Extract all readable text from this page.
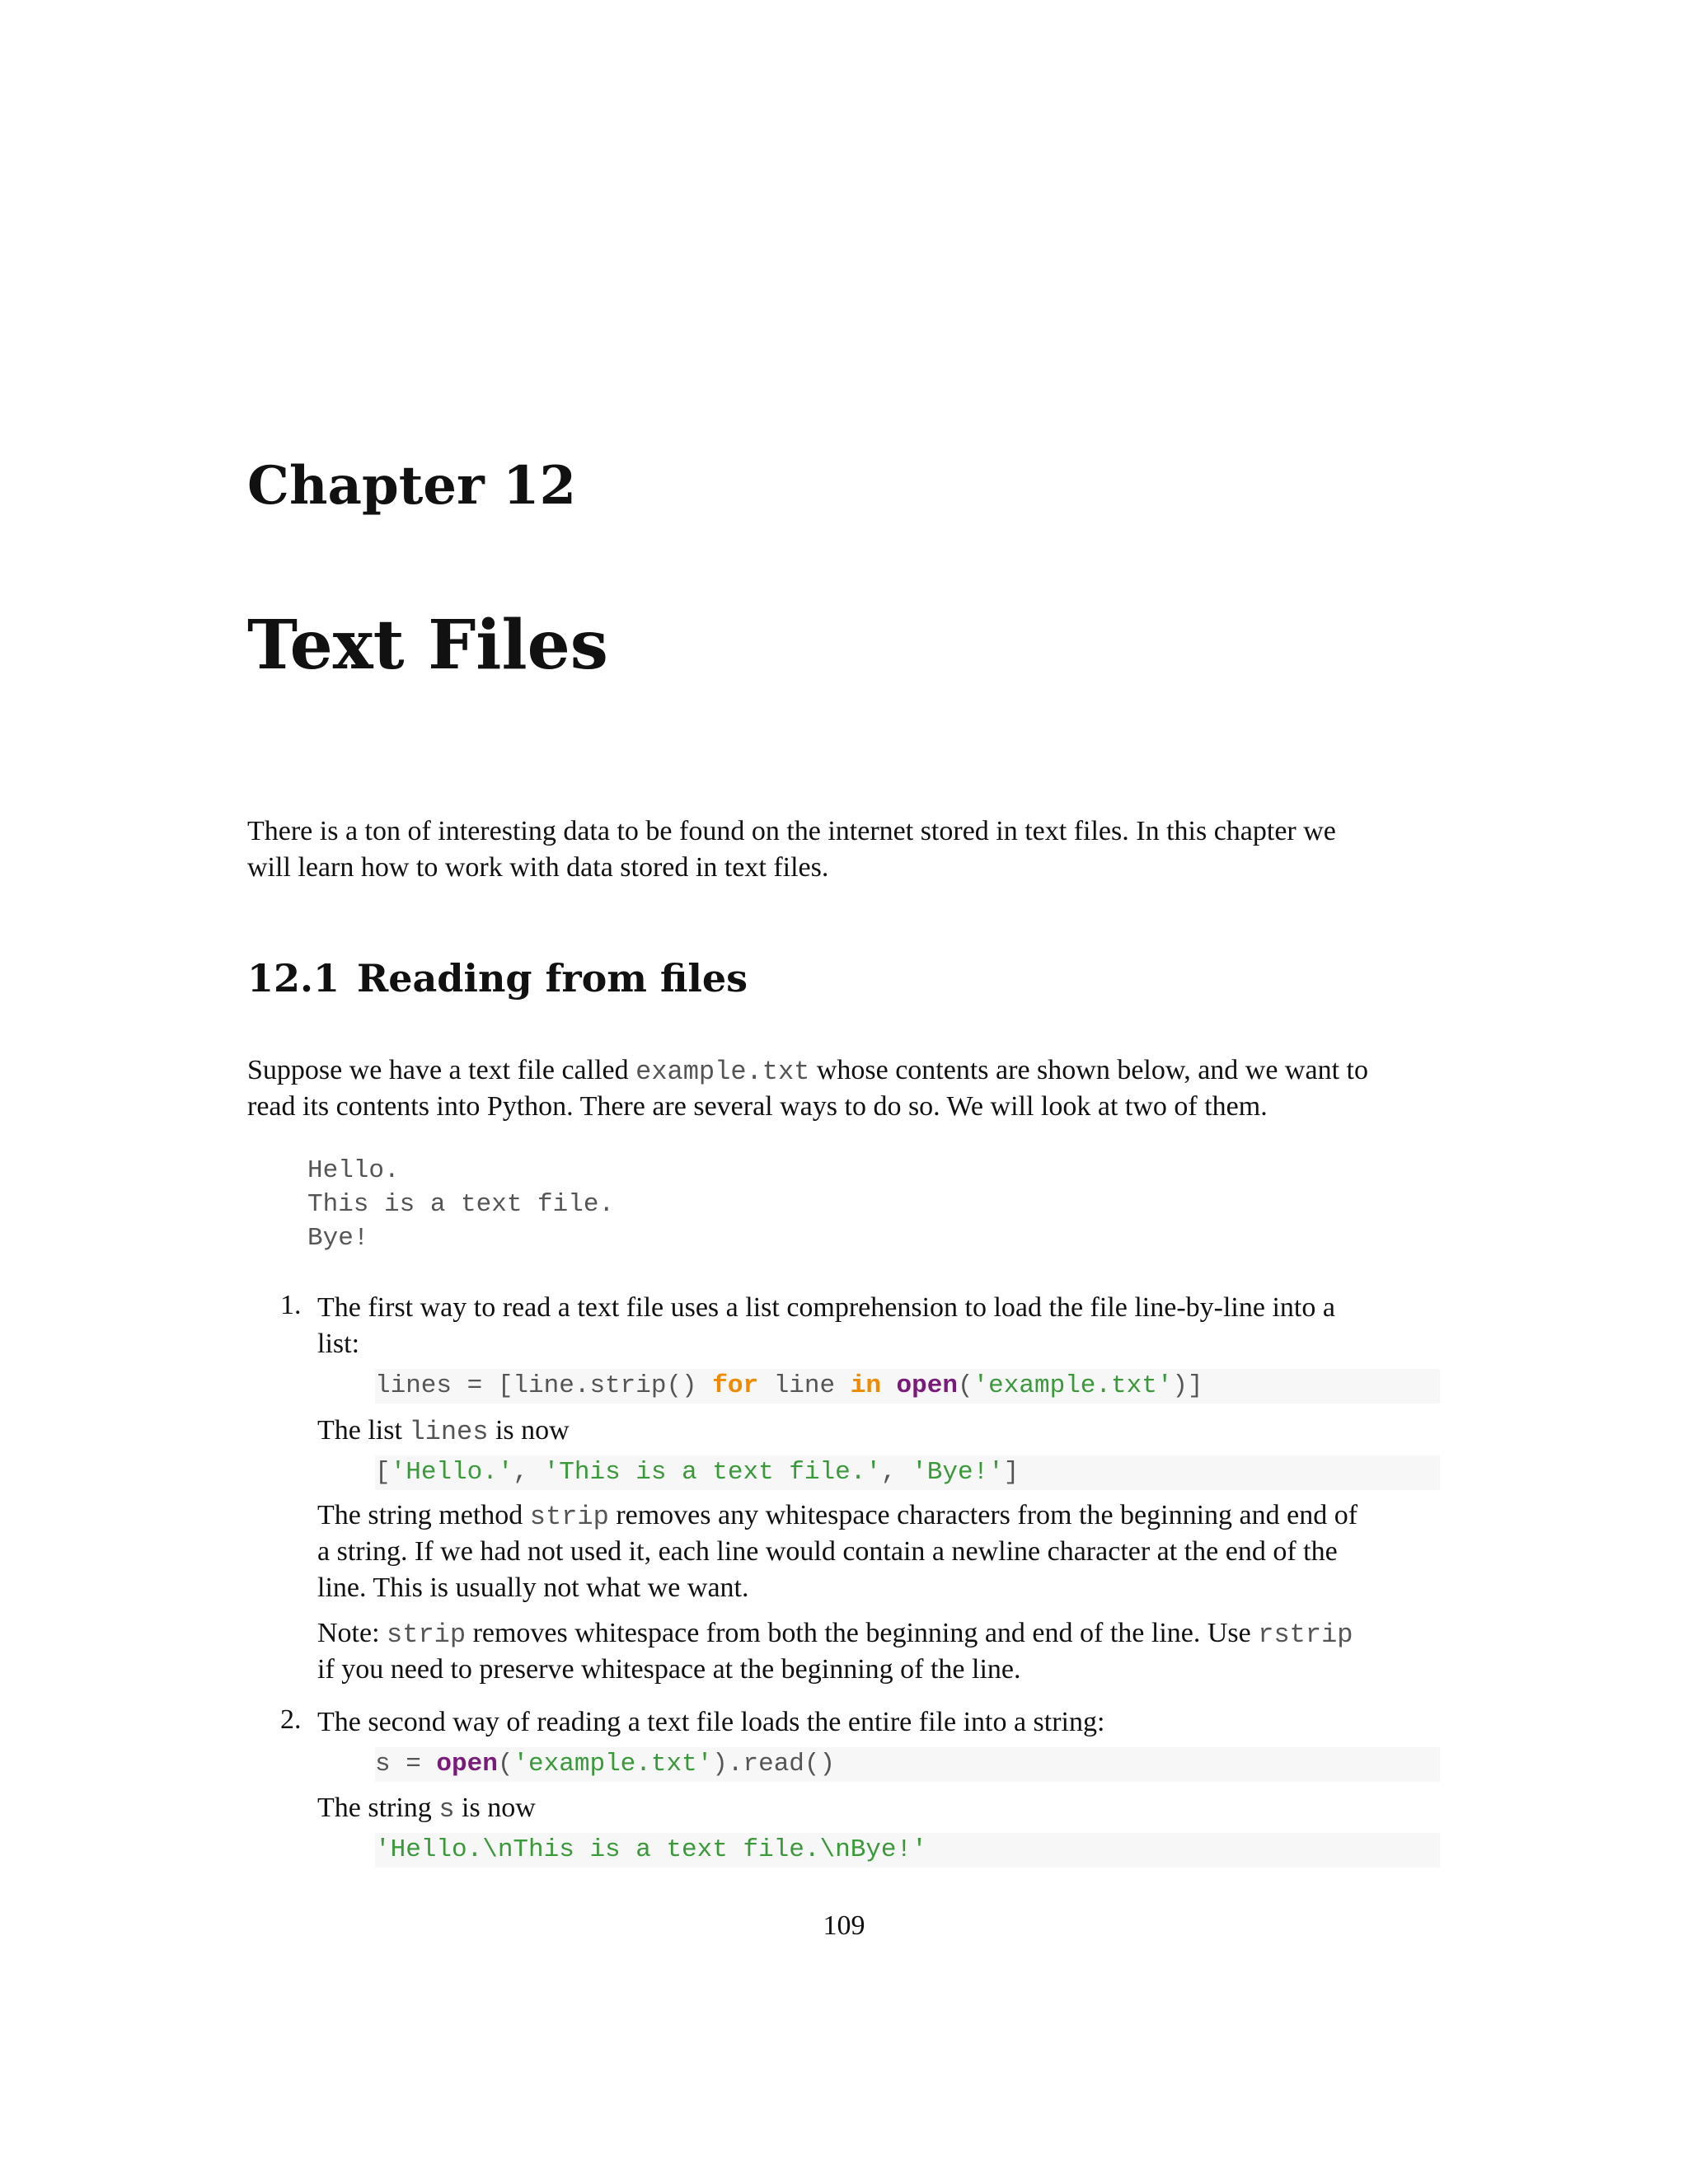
Chapter 12
Text Files
There is a ton of interesting data to be found on the internet stored in text files. In this chapter we
will learn how to work with data stored in text files.
12.1 Reading from files
Suppose we have a text file called example.txt whose contents are shown below, and we want to
read its contents into Python. There are several ways to do so. We will look at two of them.
Hello.
This is a text file.
Bye!
1. The first way to read a text file uses a list comprehension to load the file line-by-line into a
list:

lines = [line.strip() for line in open('example.txt')]

The list lines is now

['Hello.', 'This is a text file.', 'Bye!']

The string method strip removes any whitespace characters from the beginning and end of
a string. If we had not used it, each line would contain a newline character at the end of the
line. This is usually not what we want.
Note: strip removes whitespace from both the beginning and end of the line. Use rstrip
if you need to preserve whitespace at the beginning of the line.
2. The second way of reading a text file loads the entire file into a string:

s = open('example.txt').read()

The string s is now

'Hello.\nThis is a text file.\nBye!'

109
